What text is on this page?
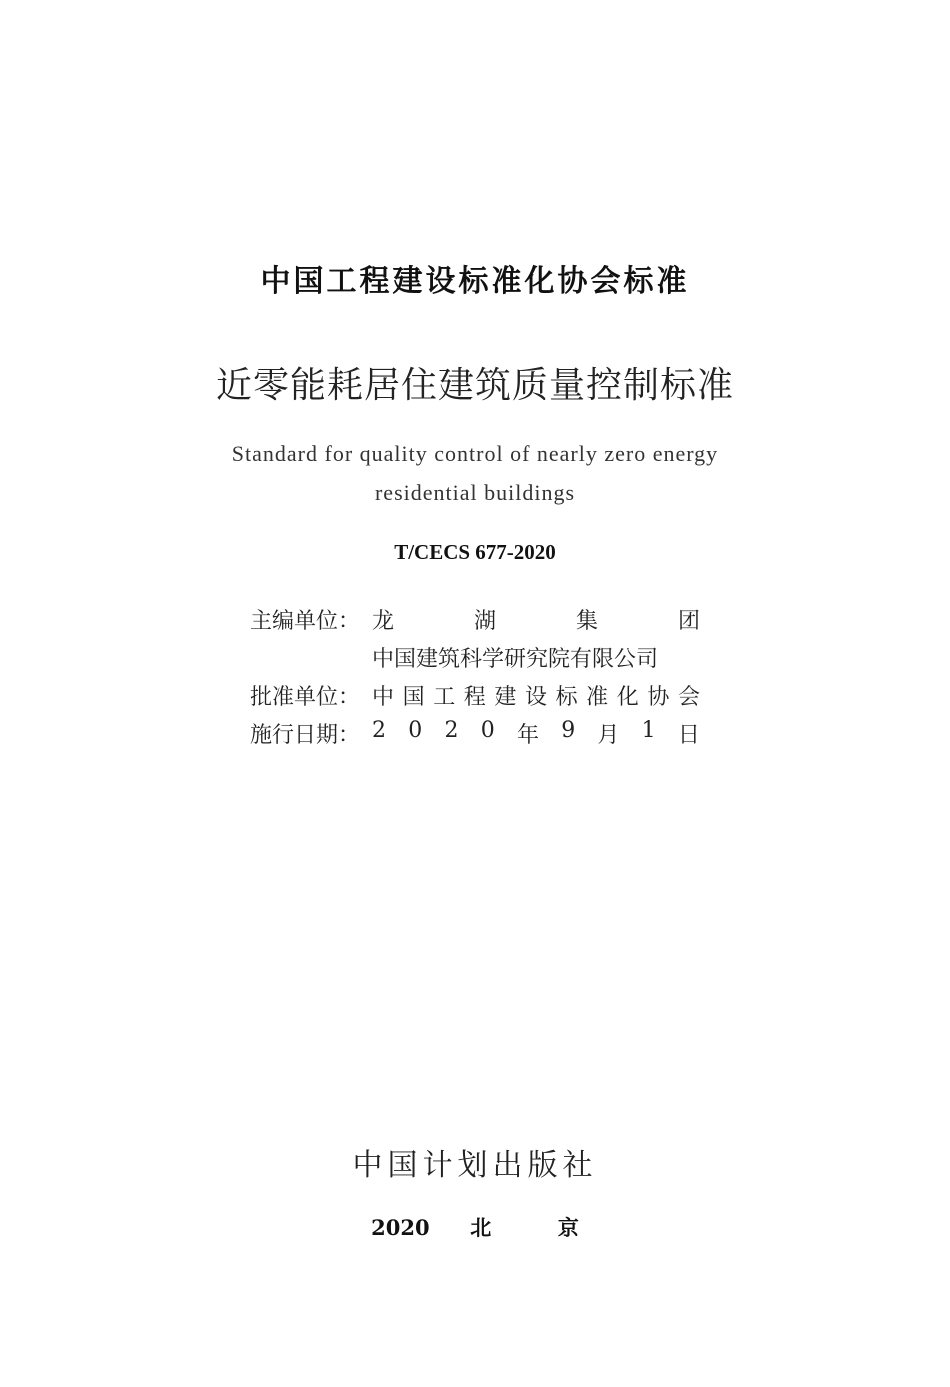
中国工程建设标准化协会标准
近零能耗居住建筑质量控制标准
Standard for quality control of nearly zero energy
residential buildings
T/CECS 677-2020
主编单位： 龙	湖	集	团
中国建筑科学研究院有限公司
批准单位： 中 国 工 程 建 设 标 准 化 协 会
施行日期： 2 0 2 0 年 9 月 1 日
中国计划出版社
2020 北	京
